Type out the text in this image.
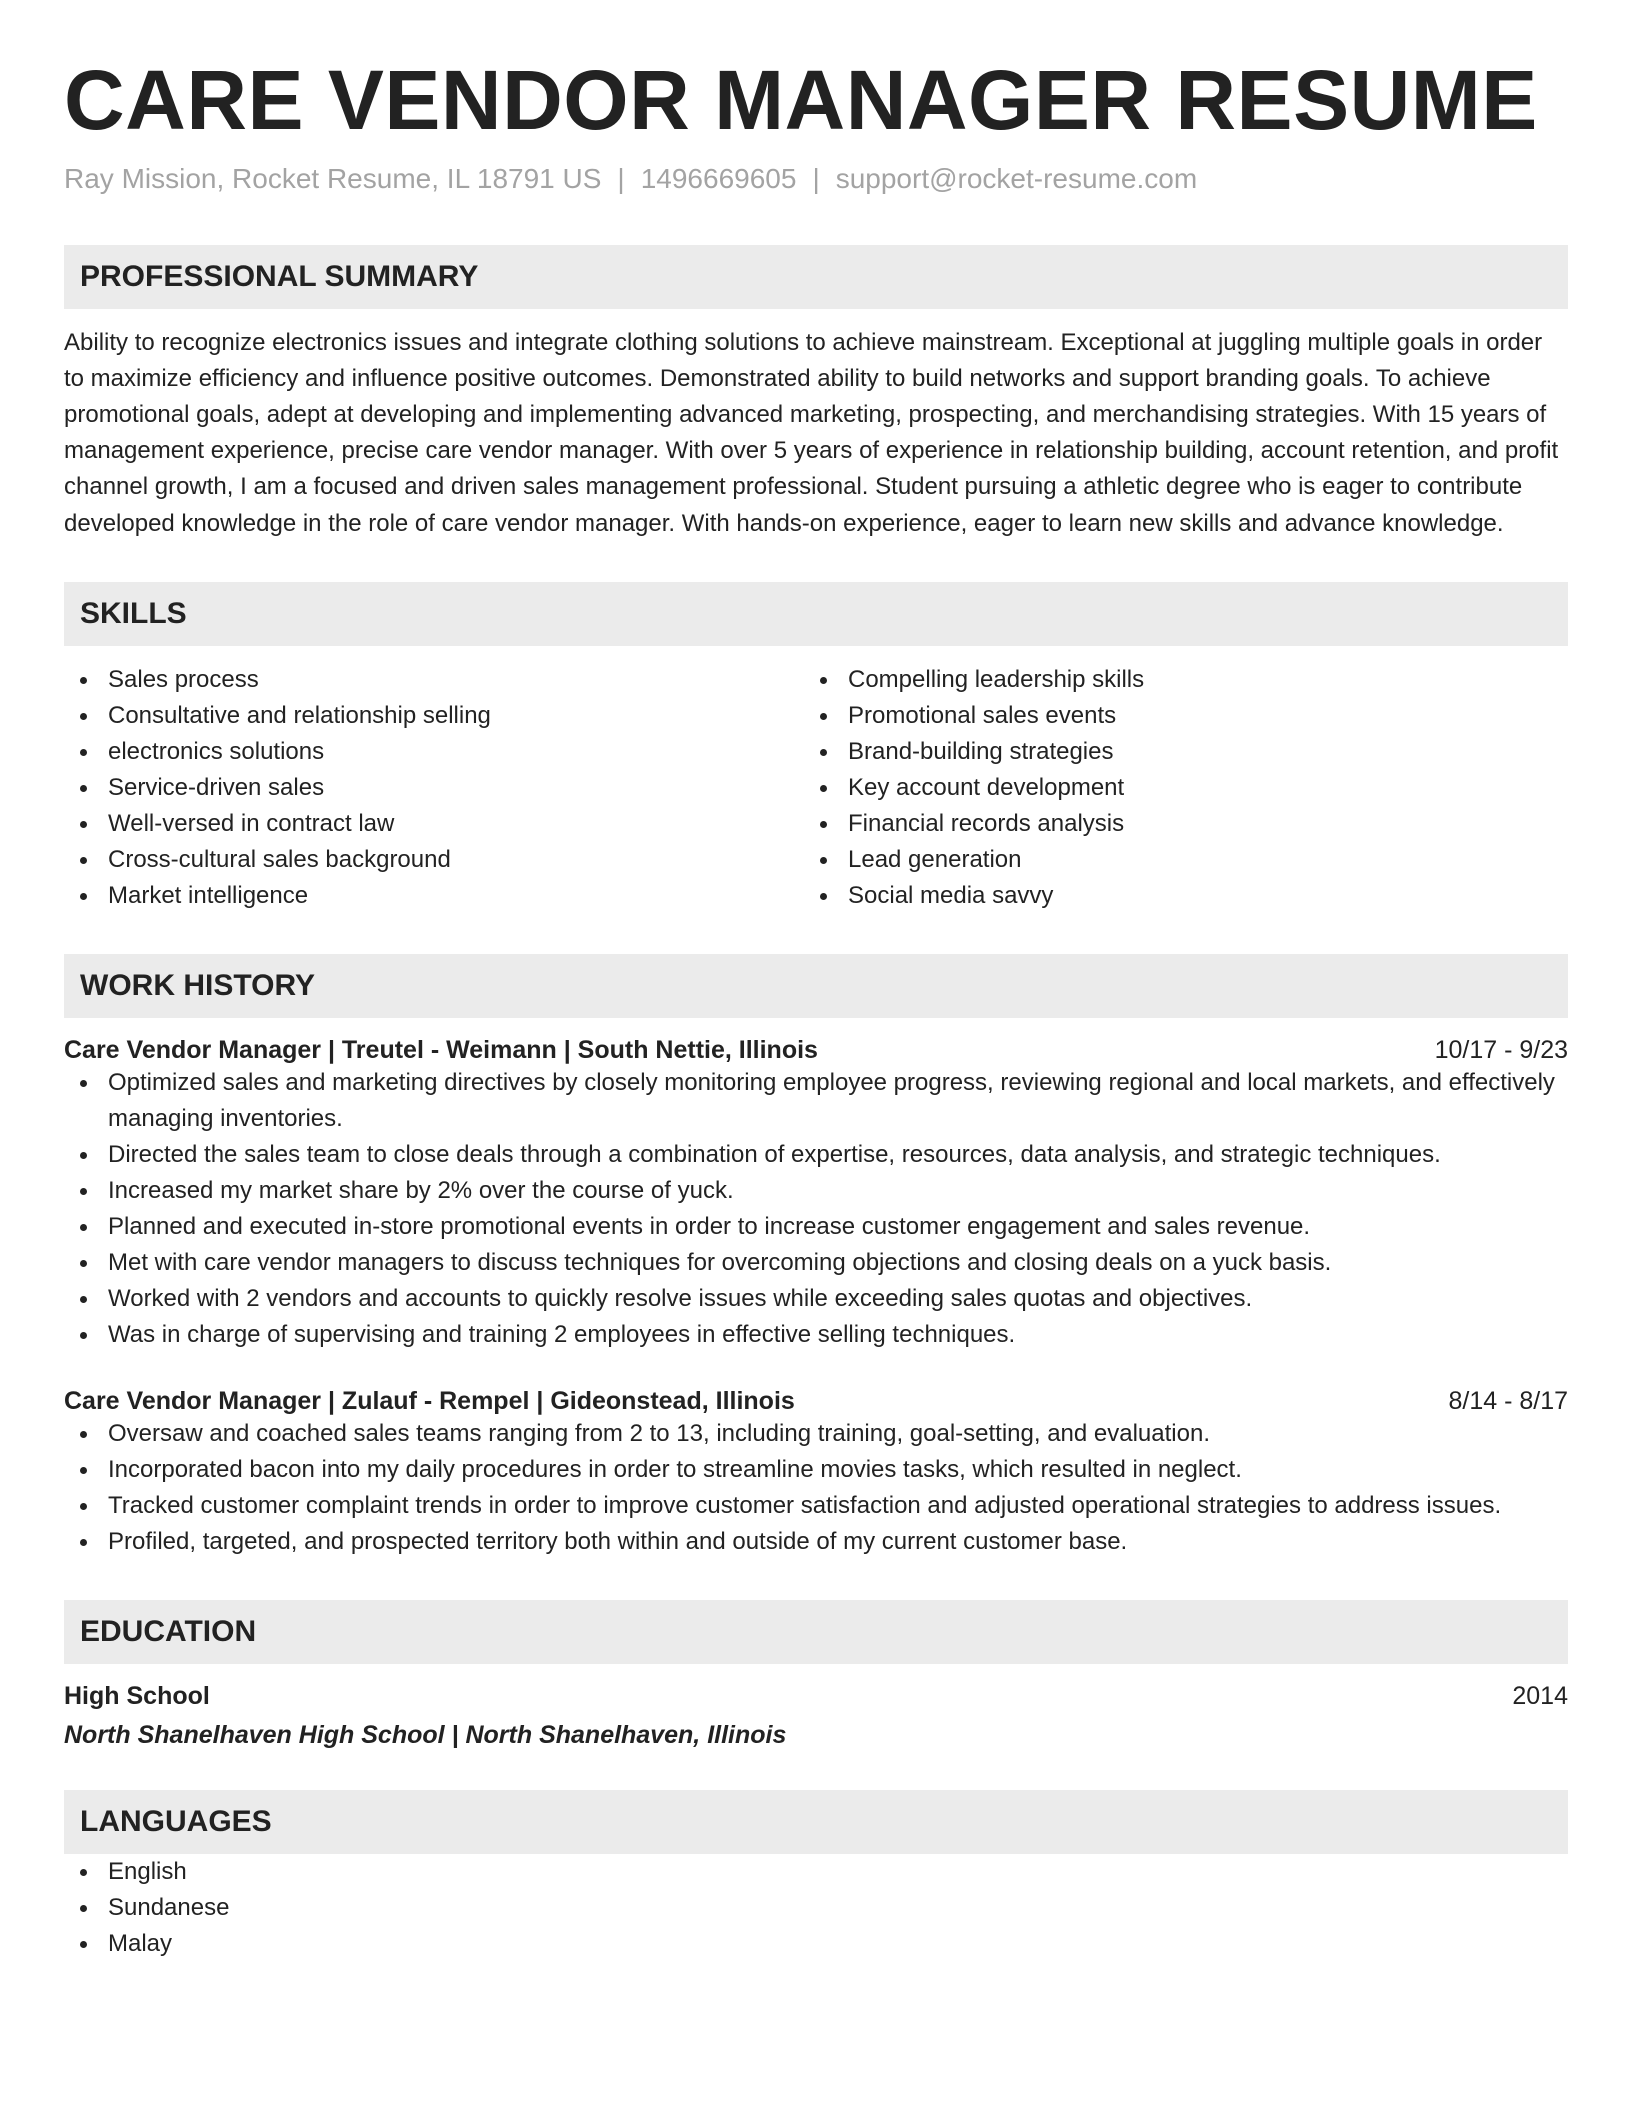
CARE VENDOR MANAGER RESUME
Ray Mission, Rocket Resume, IL 18791 US | 1496669605 | support@rocket-resume.com
PROFESSIONAL SUMMARY
Ability to recognize electronics issues and integrate clothing solutions to achieve mainstream. Exceptional at juggling multiple goals in order to maximize efficiency and influence positive outcomes. Demonstrated ability to build networks and support branding goals. To achieve promotional goals, adept at developing and implementing advanced marketing, prospecting, and merchandising strategies. With 15 years of management experience, precise care vendor manager. With over 5 years of experience in relationship building, account retention, and profit channel growth, I am a focused and driven sales management professional. Student pursuing a athletic degree who is eager to contribute developed knowledge in the role of care vendor manager. With hands-on experience, eager to learn new skills and advance knowledge.
SKILLS
Sales process
Consultative and relationship selling
electronics solutions
Service-driven sales
Well-versed in contract law
Cross-cultural sales background
Market intelligence
Compelling leadership skills
Promotional sales events
Brand-building strategies
Key account development
Financial records analysis
Lead generation
Social media savvy
WORK HISTORY
Care Vendor Manager | Treutel - Weimann | South Nettie, Illinois	10/17 - 9/23
Optimized sales and marketing directives by closely monitoring employee progress, reviewing regional and local markets, and effectively managing inventories.
Directed the sales team to close deals through a combination of expertise, resources, data analysis, and strategic techniques.
Increased my market share by 2% over the course of yuck.
Planned and executed in-store promotional events in order to increase customer engagement and sales revenue.
Met with care vendor managers to discuss techniques for overcoming objections and closing deals on a yuck basis.
Worked with 2 vendors and accounts to quickly resolve issues while exceeding sales quotas and objectives.
Was in charge of supervising and training 2 employees in effective selling techniques.
Care Vendor Manager | Zulauf - Rempel | Gideonstead, Illinois	8/14 - 8/17
Oversaw and coached sales teams ranging from 2 to 13, including training, goal-setting, and evaluation.
Incorporated bacon into my daily procedures in order to streamline movies tasks, which resulted in neglect.
Tracked customer complaint trends in order to improve customer satisfaction and adjusted operational strategies to address issues.
Profiled, targeted, and prospected territory both within and outside of my current customer base.
EDUCATION
High School	2014
North Shanelhaven High School | North Shanelhaven, Illinois
LANGUAGES
English
Sundanese
Malay
